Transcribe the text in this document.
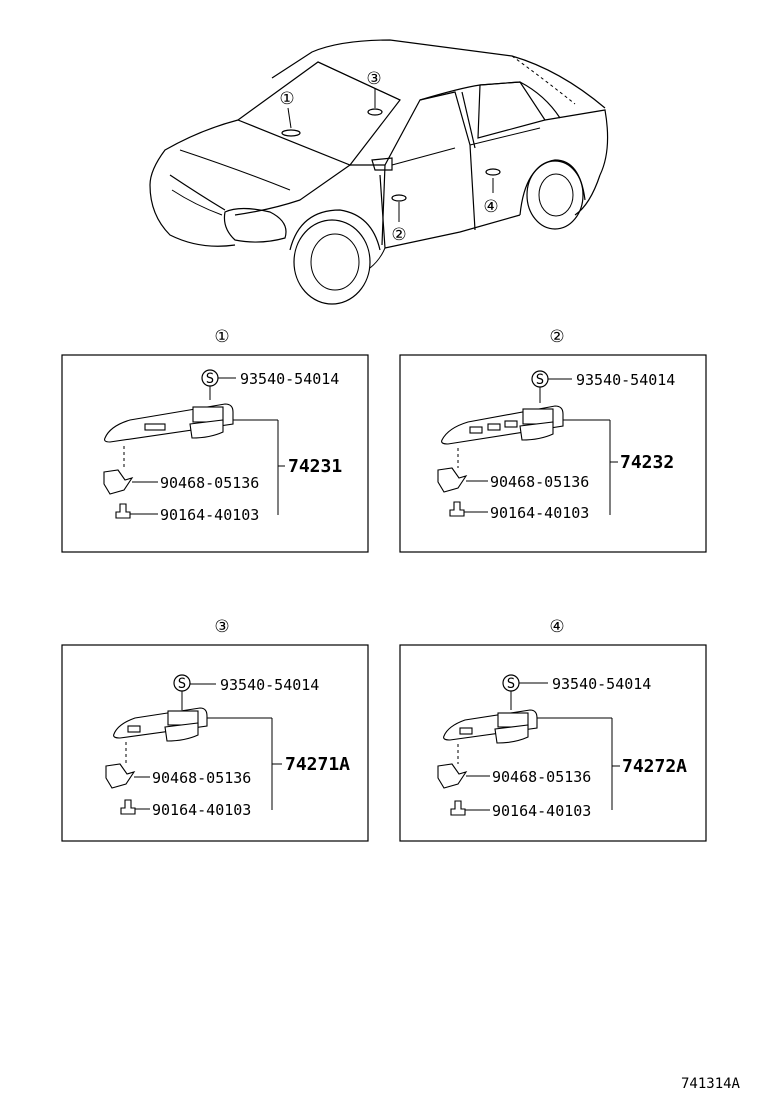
①
②
③
④
①
S 93540-54014
74231
90468-05136
90164-40103
②
S 93540-54014
74232
90468-05136
90164-40103
③
S 93540-54014
74271A
90468-05136
90164-40103
④
S 93540-54014
74272A
90468-05136
90164-40103
741314A
